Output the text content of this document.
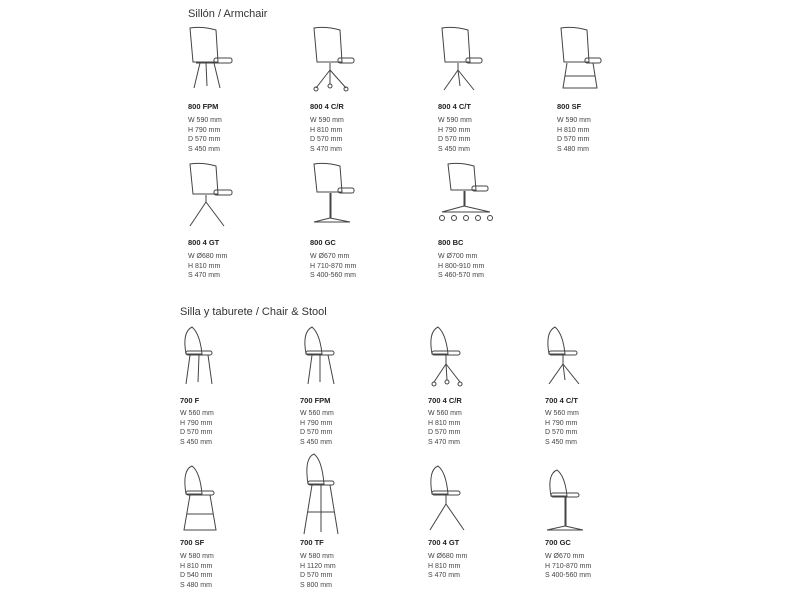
Sillón / Armchair
Silla y taburete / Chair & Stool
800 FPM
W 590 mm
H 790 mm
D 570 mm
S 450 mm
800 4 C/R
W 590 mm
H 810 mm
D 570 mm
S 470 mm
800 4 C/T
W 590 mm
H 790 mm
D 570 mm
S 450 mm
800 SF
W 590 mm
H 810 mm
D 570 mm
S 480 mm
800 4 GT
W Ø680 mm
H 810 mm
S 470 mm
800 GC
W Ø670 mm
H 710-870 mm
S 400-560 mm
800 BC
W Ø700 mm
H 800-910 mm
S 460-570 mm
700 F
W 560 mm
H 790 mm
D 570 mm
S 450 mm
700 FPM
W 560 mm
H 790 mm
D 570 mm
S 450 mm
700 4 C/R
W 560 mm
H 810 mm
D 570 mm
S 470 mm
700 4 C/T
W 560 mm
H 790 mm
D 570 mm
S 450 mm
700 SF
W 580 mm
H 810 mm
D 540 mm
S 480 mm
700 TF
W 580 mm
H 1120 mm
D 570 mm
S 800 mm
700 4 GT
W Ø680 mm
H 810 mm
S 470 mm
700 GC
W Ø670 mm
H 710-870 mm
S 400-560 mm
